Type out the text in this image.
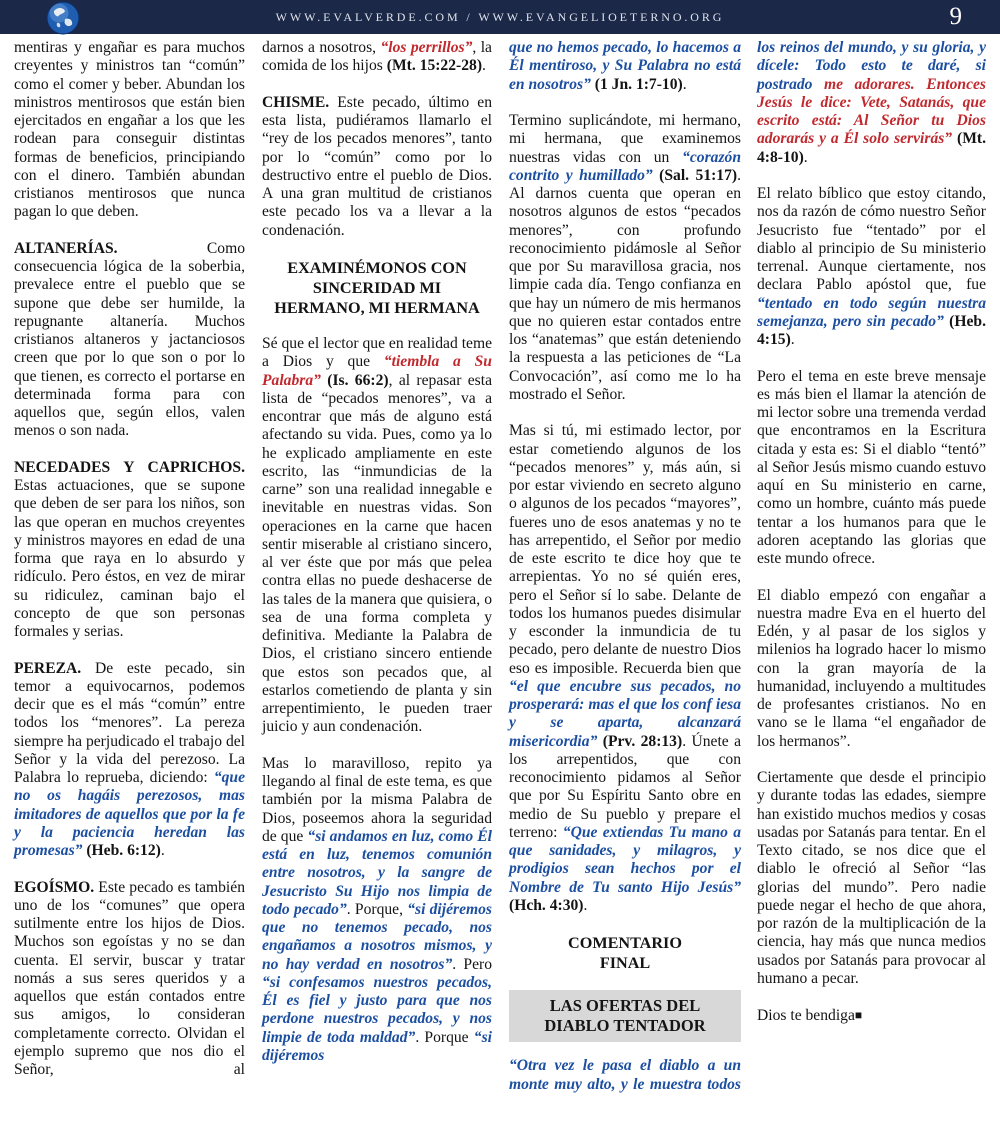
WWW.EVALVERDE.COM / WWW.EVANGELIOETERNO.ORG	9

mentiras y engañar es para muchos creyentes y ministros tan “común” como el comer y beber. Abundan los ministros mentirosos que están bien ejercitados en engañar a los que les rodean para conseguir distintas formas de beneficios, principiando con el dinero. También abundan cristianos mentirosos que nunca pagan lo que deben.

ALTANERÍAS. Como consecuencia lógica de la soberbia, prevalece entre el pueblo que se supone que debe ser humilde, la repugnante altanería. Muchos cristianos altaneros y jactanciosos creen que por lo que son o por lo que tienen, es correcto el portarse en determinada forma para con aquellos que, según ellos, valen menos o son nada.

NECEDADES Y CAPRICHOS. Estas actuaciones, que se supone que deben de ser para los niños, son las que operan en muchos creyentes y ministros mayores en edad de una forma que raya en lo absurdo y ridículo. Pero éstos, en vez de mirar su ridiculez, caminan bajo el concepto de que son personas formales y serias.

PEREZA. De este pecado, sin temor a equivocarnos, podemos decir que es el más “común” entre todos los “menores”. La pereza siempre ha perjudicado el trabajo del Señor y la vida del perezoso. La Palabra lo reprueba, diciendo: “que no os hagáis perezosos, mas imitadores de aquellos que por la fe y la paciencia heredan las promesas” (Heb. 6:12).

EGOÍSMO. Este pecado es también uno de los “comunes” que opera sutilmente entre los hijos de Dios. Muchos son egoístas y no se dan cuenta. El servir, buscar y tratar nomás a sus seres queridos y a aquellos que están contados entre sus amigos, lo consideran completamente correcto. Olvidan el ejemplo supremo que nos dio el Señor, al

darnos a nosotros, “los perrillos”, la comida de los hijos (Mt. 15:22-28).

CHISME. Este pecado, último en esta lista, pudiéramos llamarlo el “rey de los pecados menores”, tanto por lo “común” como por lo destructivo entre el pueblo de Dios. A una gran multitud de cristianos este pecado los va a llevar a la condenación.

EXAMINÉMONOS CON
SINCERIDAD MI
HERMANO, MI HERMANA

Sé que el lector que en realidad teme a Dios y que “tiembla a Su Palabra” (Is. 66:2), al repasar esta lista de “pecados menores”, va a encontrar que más de alguno está afectando su vida. Pues, como ya lo he explicado ampliamente en este escrito, las “inmundicias de la carne” son una realidad innegable e inevitable en nuestras vidas. Son operaciones en la carne que hacen sentir miserable al cristiano sincero, al ver éste que por más que pelea contra ellas no puede deshacerse de las tales de la manera que quisiera, o sea de una forma completa y definitiva. Mediante la Palabra de Dios, el cristiano sincero entiende que estos son pecados que, al estarlos cometiendo de planta y sin arrepentimiento, le pueden traer juicio y aun condenación.

Mas lo maravilloso, repito ya llegando al final de este tema, es que también por la misma Palabra de Dios, poseemos ahora la seguridad de que “si andamos en luz, como Él está en luz, tenemos comunión entre nosotros, y la sangre de Jesucristo Su Hijo nos limpia de todo pecado”. Porque, “si dijéremos que no tenemos pecado, nos engañamos a nosotros mismos, y no hay verdad en nosotros”. Pero “si confesamos nuestros pecados, Él es fiel y justo para que nos perdone nuestros pecados, y nos limpie de toda maldad”. Porque “si dijéremos

que no hemos pecado, lo hacemos a Él mentiroso, y Su Palabra no está en nosotros” (1 Jn. 1:7-10).

Termino suplicándote, mi hermano, mi hermana, que examinemos nuestras vidas con un “corazón contrito y humillado” (Sal. 51:17). Al darnos cuenta que operan en nosotros algunos de estos “pecados menores”, con profundo reconocimiento pidámosle al Señor que por Su maravillosa gracia, nos limpie cada día. Tengo confianza en que hay un número de mis hermanos que no quieren estar contados entre los “anatemas” que están deteniendo la respuesta a las peticiones de “La Convocación”, así como me lo ha mostrado el Señor.

Mas si tú, mi estimado lector, por estar cometiendo algunos de los “pecados menores” y, más aún, si por estar viviendo en secreto alguno o algunos de los pecados “mayores”, fueres uno de esos anatemas y no te has arrepentido, el Señor por medio de este escrito te dice hoy que te arrepientas. Yo no sé quién eres, pero el Señor sí lo sabe. Delante de todos los humanos puedes disimular y esconder la inmundicia de tu pecado, pero delante de nuestro Dios eso es imposible. Recuerda bien que “el que encubre sus pecados, no prosperará: mas el que los conf iesa y se aparta, alcanzará misericordia” (Prv. 28:13). Únete a los arrepentidos, que con reconocimiento pidamos al Señor que por Su Espíritu Santo obre en medio de Su pueblo y prepare el terreno: “Que extiendas Tu mano a que sanidades, y milagros, y prodigios sean hechos por el Nombre de Tu santo Hijo Jesús” (Hch. 4:30).

COMENTARIO
FINAL
LAS OFERTAS DEL
DIABLO TENTADOR

“Otra vez le pasa el diablo a un monte muy alto, y le muestra todos

los reinos del mundo, y su gloria, y dícele: Todo esto te daré, si postrado me adorares. Entonces Jesús le dice: Vete, Satanás, que escrito está: Al Señor tu Dios adorarás y a Él solo servirás” (Mt. 4:8-10).

El relato bíblico que estoy citando, nos da razón de cómo nuestro Señor Jesucristo fue “tentado” por el diablo al principio de Su ministerio terrenal. Aunque ciertamente, nos declara Pablo apóstol que, fue “tentado en todo según nuestra semejanza, pero sin pecado” (Heb. 4:15).

Pero el tema en este breve mensaje es más bien el llamar la atención de mi lector sobre una tremenda verdad que encontramos en la Escritura citada y esta es: Si el diablo “tentó” al Señor Jesús mismo cuando estuvo aquí en Su ministerio en carne, como un hombre, cuánto más puede tentar a los humanos para que le adoren aceptando las glorias que este mundo ofrece.

El diablo empezó con engañar a nuestra madre Eva en el huerto del Edén, y al pasar de los siglos y milenios ha logrado hacer lo mismo con la gran mayoría de la humanidad, incluyendo a multitudes de profesantes cristianos. No en vano se le llama “el engañador de los hermanos”.

Ciertamente que desde el principio y durante todas las edades, siempre han existido muchos medios y cosas usadas por Satanás para tentar. En el Texto citado, se nos dice que el diablo le ofreció al Señor “las glorias del mundo”. Pero nadie puede negar el hecho de que ahora, por razón de la multiplicación de la ciencia, hay más que nunca medios usados por Satanás para provocar al humano a pecar.

Dios te bendiga■
